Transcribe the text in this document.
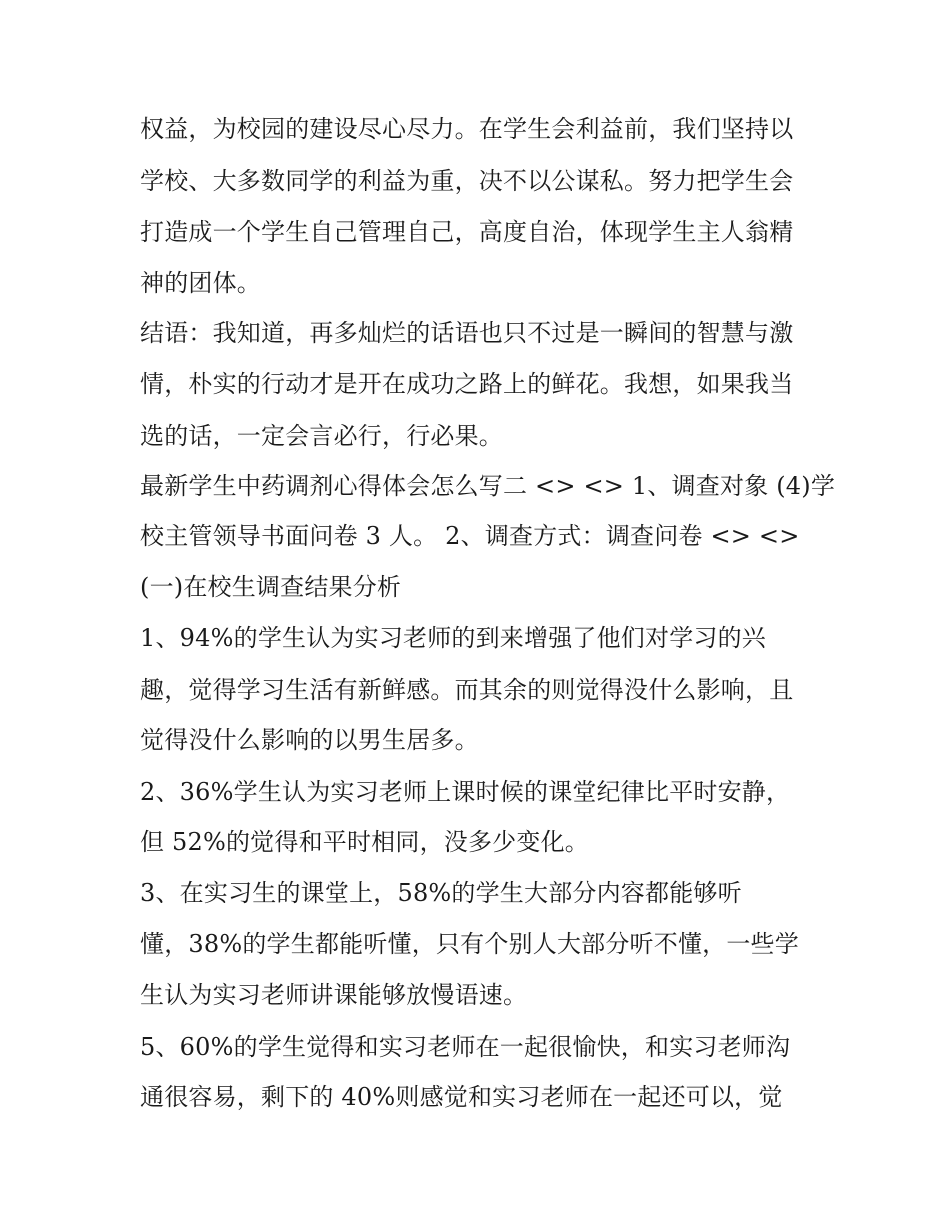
权益，为校园的建设尽心尽力。在学生会利益前，我们坚持以
学校、大多数同学的利益为重，决不以公谋私。努力把学生会
打造成一个学生自己管理自己，高度自治，体现学生主人翁精
神的团体。
结语：我知道，再多灿烂的话语也只不过是一瞬间的智慧与激
情，朴实的行动才是开在成功之路上的鲜花。我想，如果我当
选的话，一定会言必行，行必果。
最新学生中药调剂心得体会怎么写二 <> <> 1、调查对象 (4)学
校主管领导书面问卷 3 人。 2、调查方式：调查问卷 <> <>
(一)在校生调查结果分析
1、94%的学生认为实习老师的到来增强了他们对学习的兴
趣，觉得学习生活有新鲜感。而其余的则觉得没什么影响，且
觉得没什么影响的以男生居多。
2、36%学生认为实习老师上课时候的课堂纪律比平时安静，
但 52%的觉得和平时相同，没多少变化。
3、在实习生的课堂上，58%的学生大部分内容都能够听
懂，38%的学生都能听懂，只有个别人大部分听不懂，一些学
生认为实习老师讲课能够放慢语速。
5、60%的学生觉得和实习老师在一起很愉快，和实习老师沟
通很容易，剩下的 40%则感觉和实习老师在一起还可以，觉
